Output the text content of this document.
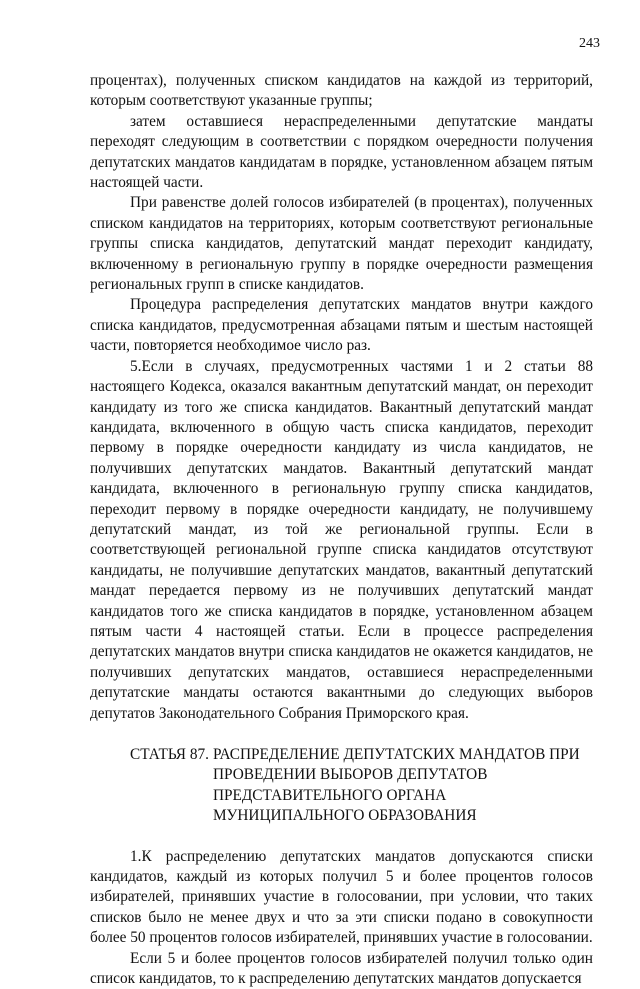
243

процентах), полученных списком кандидатов на каждой из территорий, которым соответствуют указанные группы;

затем оставшиеся нераспределенными депутатские мандаты переходят следующим в соответствии с порядком очередности получения депутатских мандатов кандидатам в порядке, установленном абзацем пятым настоящей части.

При равенстве долей голосов избирателей (в процентах), полученных списком кандидатов на территориях, которым соответствуют региональные группы списка кандидатов, депутатский мандат переходит кандидату, включенному в региональную группу в порядке очередности размещения региональных групп в списке кандидатов.

Процедура распределения депутатских мандатов внутри каждого списка кандидатов, предусмотренная абзацами пятым и шестым настоящей части, повторяется необходимое число раз.

5.Если в случаях, предусмотренных частями 1 и 2 статьи 88 настоящего Кодекса, оказался вакантным депутатский мандат, он переходит кандидату из того же списка кандидатов. Вакантный депутатский мандат кандидата, включенного в общую часть списка кандидатов, переходит первому в порядке очередности кандидату из числа кандидатов, не получивших депутатских мандатов. Вакантный депутатский мандат кандидата, включенного в региональную группу списка кандидатов, переходит первому в порядке очередности кандидату, не получившему депутатский мандат, из той же региональной группы. Если в соответствующей региональной группе списка кандидатов отсутствуют кандидаты, не получившие депутатских мандатов, вакантный депутатский мандат передается первому из не получивших депутатский мандат кандидатов того же списка кандидатов в порядке, установленном абзацем пятым части 4 настоящей статьи. Если в процессе распределения депутатских мандатов внутри списка кандидатов не окажется кандидатов, не получивших депутатских мандатов, оставшиеся нераспределенными депутатские мандаты остаются вакантными до следующих выборов депутатов Законодательного Собрания Приморского края.

СТАТЬЯ 87. РАСПРЕДЕЛЕНИЕ ДЕПУТАТСКИХ МАНДАТОВ ПРИ
ПРОВЕДЕНИИ ВЫБОРОВ ДЕПУТАТОВ
ПРЕДСТАВИТЕЛЬНОГО ОРГАНА
МУНИЦИПАЛЬНОГО ОБРАЗОВАНИЯ

1.К распределению депутатских мандатов допускаются списки кандидатов, каждый из которых получил 5 и более процентов голосов избирателей, принявших участие в голосовании, при условии, что таких списков было не менее двух и что за эти списки подано в совокупности более 50 процентов голосов избирателей, принявших участие в голосовании.

Если 5 и более процентов голосов избирателей получил только один список кандидатов, то к распределению депутатских мандатов допускается
